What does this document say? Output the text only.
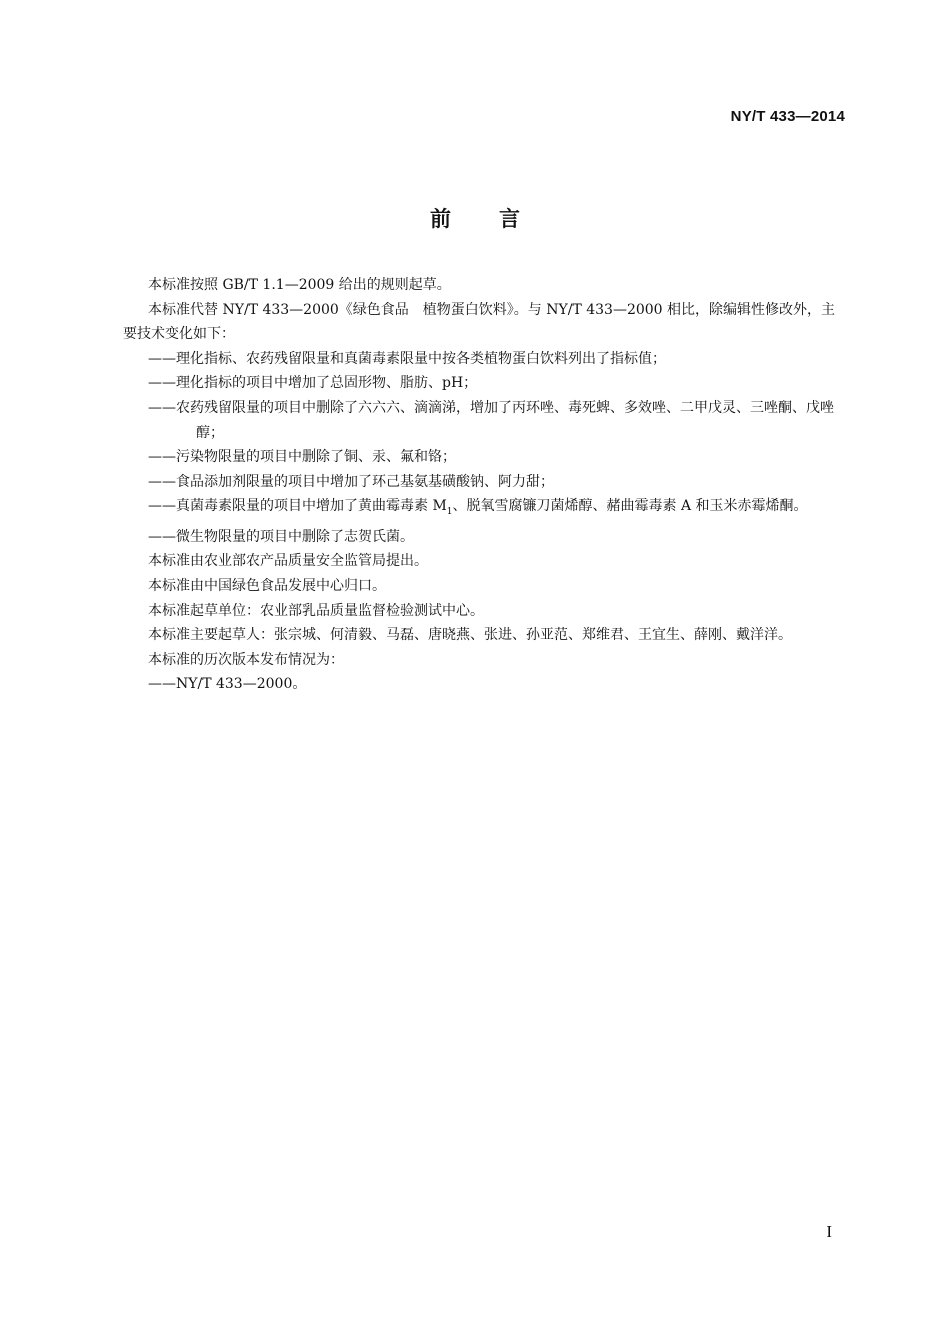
NY/T 433—2014
前言

本标准按照 GB/T 1.1—2009 给出的规则起草。

本标准代替 NY/T 433—2000《绿色食品　植物蛋白饮料》。与 NY/T 433—2000 相比，除编辑性修改外，主要技术变化如下：

——理化指标、农药残留限量和真菌毒素限量中按各类植物蛋白饮料列出了指标值；

——理化指标的项目中增加了总固形物、脂肪、pH；

——农药残留限量的项目中删除了六六六、滴滴涕，增加了丙环唑、毒死蜱、多效唑、二甲戊灵、三唑酮、戊唑醇；

——污染物限量的项目中删除了铜、汞、氟和铬；

——食品添加剂限量的项目中增加了环己基氨基磺酸钠、阿力甜；

——真菌毒素限量的项目中增加了黄曲霉毒素 $M_1$、脱氧雪腐镰刀菌烯醇、赭曲霉毒素 A 和玉米赤霉烯酮。

——微生物限量的项目中删除了志贺氏菌。

本标准由农业部农产品质量安全监管局提出。

本标准由中国绿色食品发展中心归口。

本标准起草单位：农业部乳品质量监督检验测试中心。

本标准主要起草人：张宗城、何清毅、马磊、唐晓燕、张进、孙亚范、郑维君、王宜生、薛刚、戴洋洋。

本标准的历次版本发布情况为：

——NY/T 433—2000。

I
